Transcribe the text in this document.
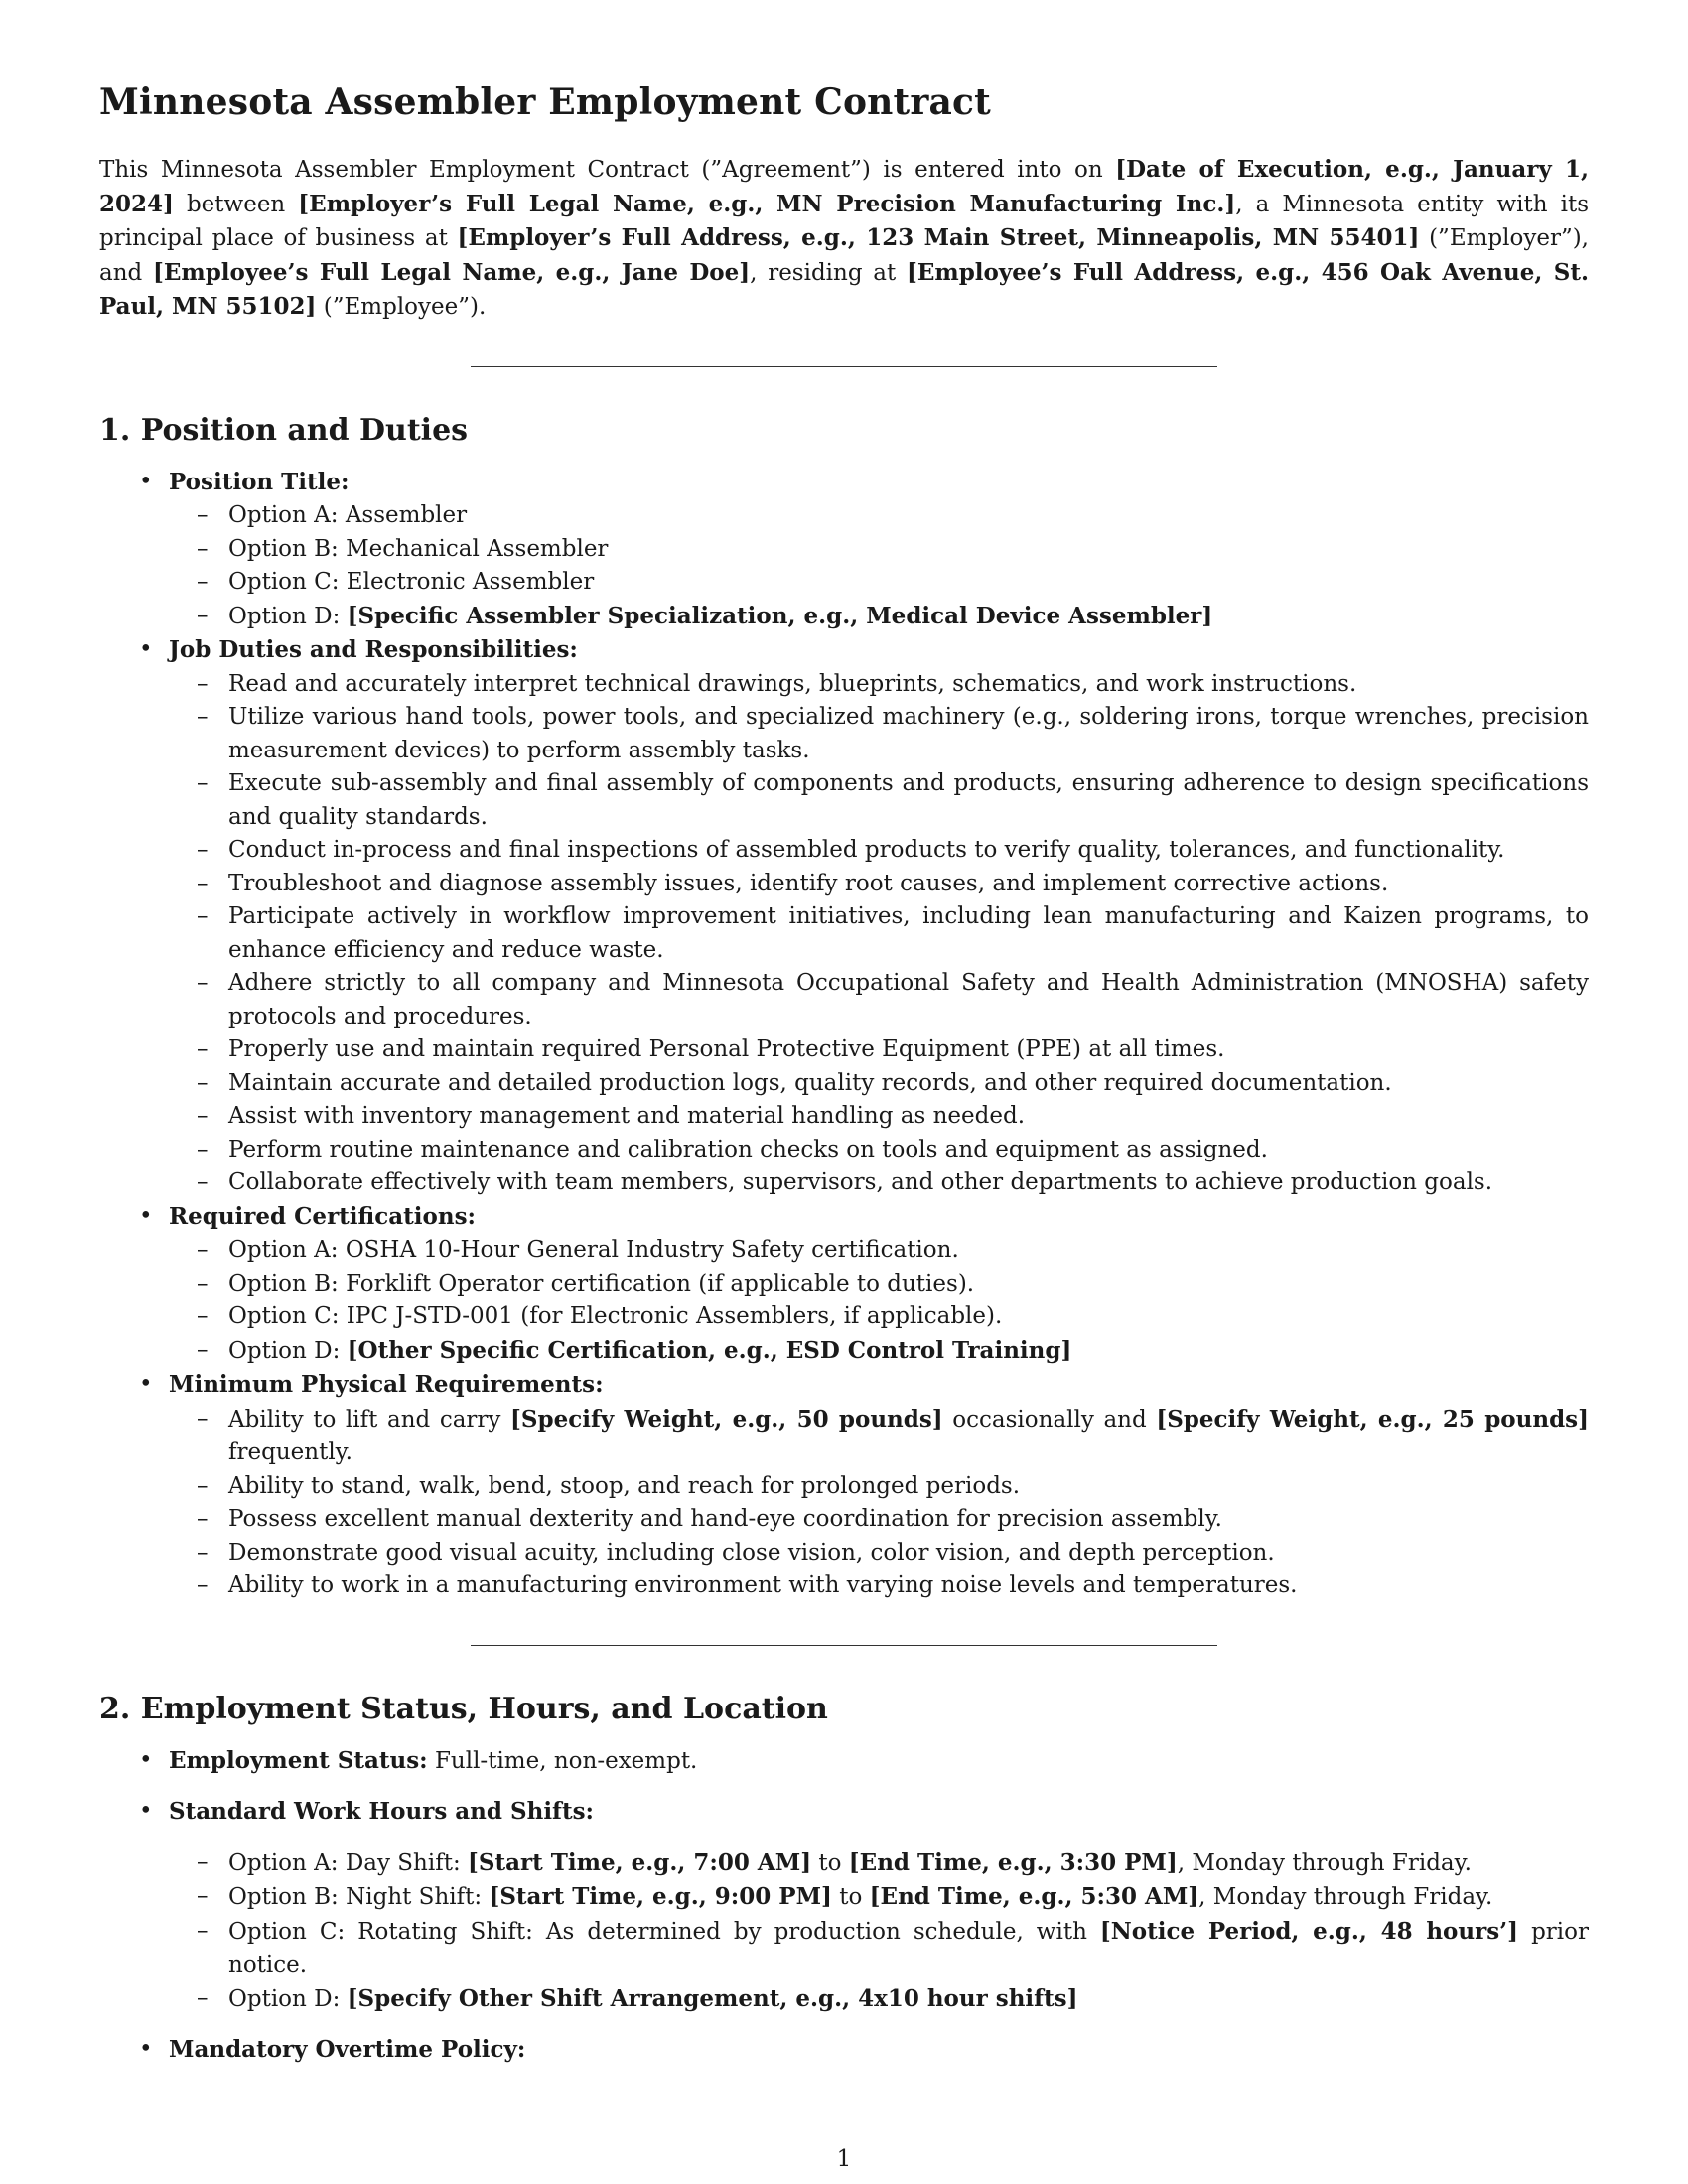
Minnesota Assembler Employment Contract

This Minnesota Assembler Employment Contract (”Agreement”) is entered into on [Date of Execution, e.g., January 1, 2024] between [Employer’s Full Legal Name, e.g., MN Precision Manufacturing Inc.], a Minnesota entity with its principal place of business at [Employer’s Full Address, e.g., 123 Main Street, Minneapolis, MN 55401] (”Employer”), and [Employee’s Full Legal Name, e.g., Jane Doe], residing at [Employee’s Full Address, e.g., 456 Oak Avenue, St. Paul, MN 55102] (”Employee”).

1. Position and Duties
• Position Title:
– Option A: Assembler
– Option B: Mechanical Assembler
– Option C: Electronic Assembler
– Option D: [Specific Assembler Specialization, e.g., Medical Device Assembler]
• Job Duties and Responsibilities:
– Read and accurately interpret technical drawings, blueprints, schematics, and work instructions.
– Utilize various hand tools, power tools, and specialized machinery (e.g., soldering irons, torque wrenches, precision measurement devices) to perform assembly tasks.
– Execute sub-assembly and final assembly of components and products, ensuring adherence to design specifications and quality standards.
– Conduct in-process and final inspections of assembled products to verify quality, tolerances, and functionality.
– Troubleshoot and diagnose assembly issues, identify root causes, and implement corrective actions.
– Participate actively in workflow improvement initiatives, including lean manufacturing and Kaizen programs, to enhance efficiency and reduce waste.
– Adhere strictly to all company and Minnesota Occupational Safety and Health Administration (MNOSHA) safety protocols and procedures.
– Properly use and maintain required Personal Protective Equipment (PPE) at all times.
– Maintain accurate and detailed production logs, quality records, and other required documentation.
– Assist with inventory management and material handling as needed.
– Perform routine maintenance and calibration checks on tools and equipment as assigned.
– Collaborate effectively with team members, supervisors, and other departments to achieve production goals.
• Required Certifications:
– Option A: OSHA 10-Hour General Industry Safety certification.
– Option B: Forklift Operator certification (if applicable to duties).
– Option C: IPC J-STD-001 (for Electronic Assemblers, if applicable).
– Option D: [Other Specific Certification, e.g., ESD Control Training]
• Minimum Physical Requirements:
– Ability to lift and carry [Specify Weight, e.g., 50 pounds] occasionally and [Specify Weight, e.g., 25 pounds] frequently.
– Ability to stand, walk, bend, stoop, and reach for prolonged periods.
– Possess excellent manual dexterity and hand-eye coordination for precision assembly.
– Demonstrate good visual acuity, including close vision, color vision, and depth perception.
– Ability to work in a manufacturing environment with varying noise levels and temperatures.
2. Employment Status, Hours, and Location
• Employment Status: Full-time, non-exempt.
• Standard Work Hours and Shifts:
– Option A: Day Shift: [Start Time, e.g., 7:00 AM] to [End Time, e.g., 3:30 PM], Monday through Friday.
– Option B: Night Shift: [Start Time, e.g., 9:00 PM] to [End Time, e.g., 5:30 AM], Monday through Friday.
– Option C: Rotating Shift: As determined by production schedule, with [Notice Period, e.g., 48 hours’] prior notice.
– Option D: [Specify Other Shift Arrangement, e.g., 4x10 hour shifts]
• Mandatory Overtime Policy:
1
